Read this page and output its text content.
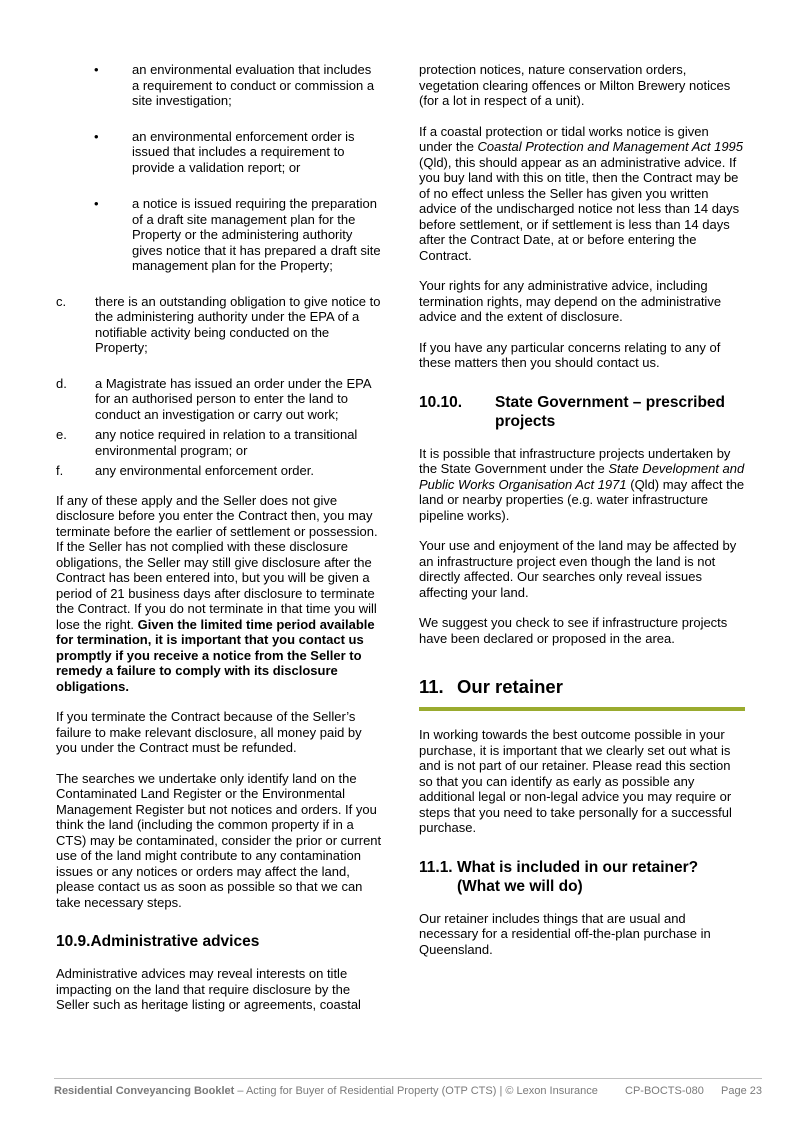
•	an environmental evaluation that includes a requirement to conduct or commission a site investigation;
•	an environmental enforcement order is issued that includes a requirement to provide a validation report; or
•	a notice is issued requiring the preparation of a draft site management plan for the Property or the administering authority gives notice that it has prepared a draft site management plan for the Property;
c.	there is an outstanding obligation to give notice to the administering authority under the EPA of a notifiable activity being conducted on the Property;
d.	a Magistrate has issued an order under the EPA for an authorised person to enter the land to conduct an investigation or carry out work;
e.	any notice required in relation to a transitional environmental program; or
f.	any environmental enforcement order.

If any of these apply and the Seller does not give disclosure before you enter the Contract then, you may terminate before the earlier of settlement or possession. If the Seller has not complied with these disclosure obligations, the Seller may still give disclosure after the Contract has been entered into, but you will be given a period of 21 business days after disclosure to terminate the Contract. If you do not terminate in that time you will lose the right. Given the limited time period available for termination, it is important that you contact us promptly if you receive a notice from the Seller to remedy a failure to comply with its disclosure obligations.

If you terminate the Contract because of the Seller’s failure to make relevant disclosure, all money paid by you under the Contract must be refunded.

The searches we undertake only identify land on the Contaminated Land Register or the Environmental Management Register but not notices and orders. If you think the land (including the common property if in a CTS) may be contaminated, consider the prior or current use of the land might contribute to any contamination issues or any notices or orders may affect the land, please contact us as soon as possible so that we can take necessary steps.

10.9. Administrative advices

Administrative advices may reveal interests on title impacting on the land that require disclosure by the Seller such as heritage listing or agreements, coastal

protection notices, nature conservation orders, vegetation clearing offences or Milton Brewery notices (for a lot in respect of a unit).

If a coastal protection or tidal works notice is given under the Coastal Protection and Management Act 1995 (Qld), this should appear as an administrative advice. If you buy land with this on title, then the Contract may be of no effect unless the Seller has given you written advice of the undischarged notice not less than 14 days before settlement, or if settlement is less than 14 days after the Contract Date, at or before entering the Contract.

Your rights for any administrative advice, including termination rights, may depend on the administrative advice and the extent of disclosure.

If you have any particular concerns relating to any of these matters then you should contact us.

10.10.	State Government – prescribed projects

It is possible that infrastructure projects undertaken by the State Government under the State Development and Public Works Organisation Act 1971 (Qld) may affect the land or nearby properties (e.g. water infrastructure pipeline works).

Your use and enjoyment of the land may be affected by an infrastructure project even though the land is not directly affected. Our searches only reveal issues affecting your land.

We suggest you check to see if infrastructure projects have been declared or proposed in the area.

11. Our retainer

In working towards the best outcome possible in your purchase, it is important that we clearly set out what is and is not part of our retainer. Please read this section so that you can identify as early as possible any additional legal or non-legal advice you may require or steps that you need to take personally for a successful purchase.

11.1. What is included in our retainer? (What we will do)

Our retainer includes things that are usual and necessary for a residential off-the-plan purchase in Queensland.

Residential Conveyancing Booklet – Acting for Buyer of Residential Property (OTP CTS) | © Lexon Insurance	CP-BOCTS-080	Page 23
